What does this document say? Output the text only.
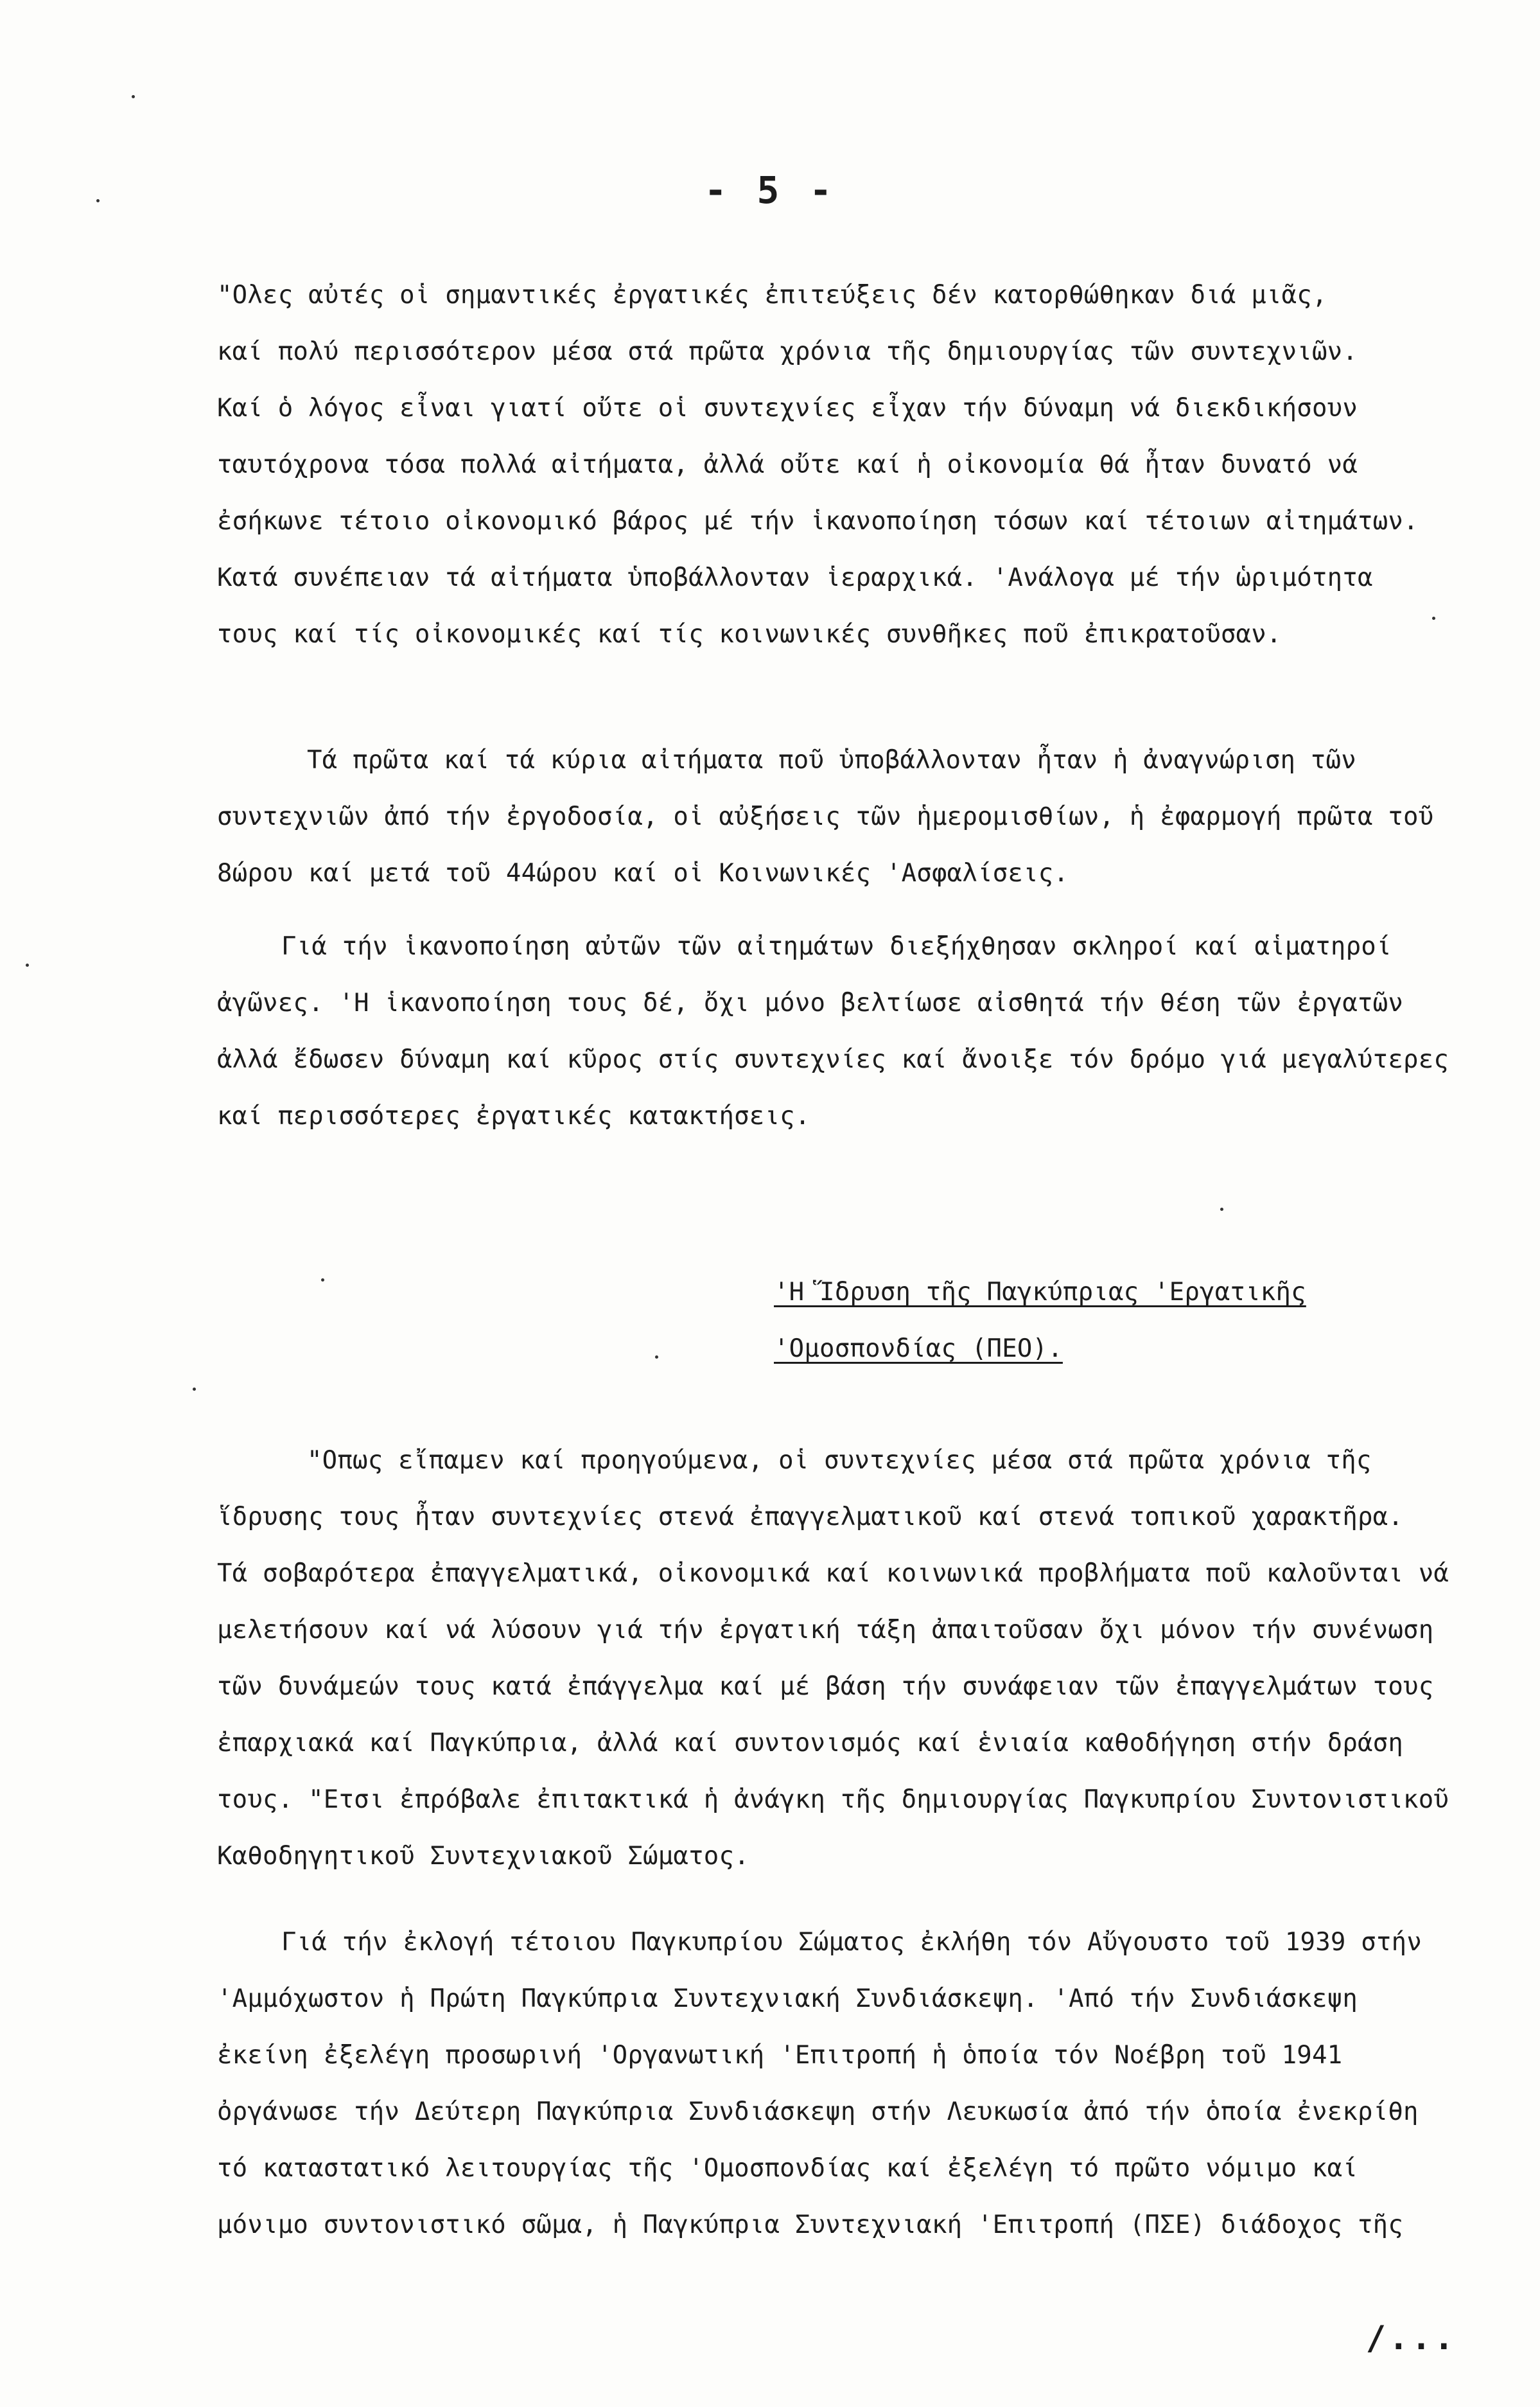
- 5 -
"Ολες αὐτές οἱ σημαντικές ἐργατικές ἐπιτεύξεις δέν κατορθώθηκαν διά μιᾶς,
καί πολύ περισσότερον μέσα στά πρῶτα χρόνια τῆς δημιουργίας τῶν συντεχνιῶν.
Καί ὁ λόγος εἶναι γιατί οὔτε οἱ συντεχνίες εἶχαν τήν δύναμη νά διεκδικήσουν
ταυτόχρονα τόσα πολλά αἰτήματα, ἀλλά οὔτε καί ἡ οἰκονομία θά ἦταν δυνατό νά
ἐσήκωνε τέτοιο οἰκονομικό βάρος μέ τήν ἱκανοποίηση τόσων καί τέτοιων αἰτημάτων.
Κατά συνέπειαν τά αἰτήματα ὑποβάλλονταν ἱεραρχικά. 'Ανάλογα μέ τήν ὡριμότητα
τους καί τίς οἰκονομικές καί τίς κοινωνικές συνθῆκες ποῦ ἐπικρατοῦσαν.
Τά πρῶτα καί τά κύρια αἰτήματα ποῦ ὑποβάλλονταν ἦταν ἡ ἀναγνώριση τῶν
συντεχνιῶν ἀπό τήν ἐργοδοσία, οἱ αὐξήσεις τῶν ἡμερομισθίων, ἡ ἐφαρμογή πρῶτα τοῦ
8ώρου καί μετά τοῦ 44ώρου καί οἱ Κοινωνικές 'Ασφαλίσεις.
Γιά τήν ἱκανοποίηση αὐτῶν τῶν αἰτημάτων διεξήχθησαν σκληροί καί αἱματηροί
ἀγῶνες. 'Η ἱκανοποίηση τους δέ, ὄχι μόνο βελτίωσε αἰσθητά τήν θέση τῶν ἐργατῶν
ἀλλά ἔδωσεν δύναμη καί κῦρος στίς συντεχνίες καί ἄνοιξε τόν δρόμο γιά μεγαλύτερες
καί περισσότερες ἐργατικές κατακτήσεις.
'Η Ἵδρυση τῆς Παγκύπριας 'Εργατικῆς
'Ομοσπονδίας (ΠΕΟ).
"Οπως εἴπαμεν καί προηγούμενα, οἱ συντεχνίες μέσα στά πρῶτα χρόνια τῆς
ἵδρυσης τους ἦταν συντεχνίες στενά ἐπαγγελματικοῦ καί στενά τοπικοῦ χαρακτῆρα.
Τά σοβαρότερα ἐπαγγελματικά, οἰκονομικά καί κοινωνικά προβλήματα ποῦ καλοῦνται νά
μελετήσουν καί νά λύσουν γιά τήν ἐργατική τάξη ἀπαιτοῦσαν ὄχι μόνον τήν συνένωση
τῶν δυνάμεών τους κατά ἐπάγγελμα καί μέ βάση τήν συνάφειαν τῶν ἐπαγγελμάτων τους
ἐπαρχιακά καί Παγκύπρια, ἀλλά καί συντονισμός καί ἑνιαία καθοδήγηση στήν δράση
τους. "Ετσι ἐπρόβαλε ἐπιτακτικά ἡ ἀνάγκη τῆς δημιουργίας Παγκυπρίου Συντονιστικοῦ
Καθοδηγητικοῦ Συντεχνιακοῦ Σώματος.
Γιά τήν ἐκλογή τέτοιου Παγκυπρίου Σώματος ἐκλήθη τόν Αὔγουστο τοῦ 1939 στήν
'Αμμόχωστον ἡ Πρώτη Παγκύπρια Συντεχνιακή Συνδιάσκεψη. 'Από τήν Συνδιάσκεψη
ἐκείνη ἐξελέγη προσωρινή 'Οργανωτική 'Επιτροπή ἡ ὁποία τόν Νοέβρη τοῦ 1941
ὀργάνωσε τήν Δεύτερη Παγκύπρια Συνδιάσκεψη στήν Λευκωσία ἀπό τήν ὁποία ἐνεκρίθη
τό καταστατικό λειτουργίας τῆς 'Ομοσπονδίας καί ἐξελέγη τό πρῶτο νόμιμο καί
μόνιμο συντονιστικό σῶμα, ἡ Παγκύπρια Συντεχνιακή 'Επιτροπή (ΠΣΕ) διάδοχος τῆς
/...
